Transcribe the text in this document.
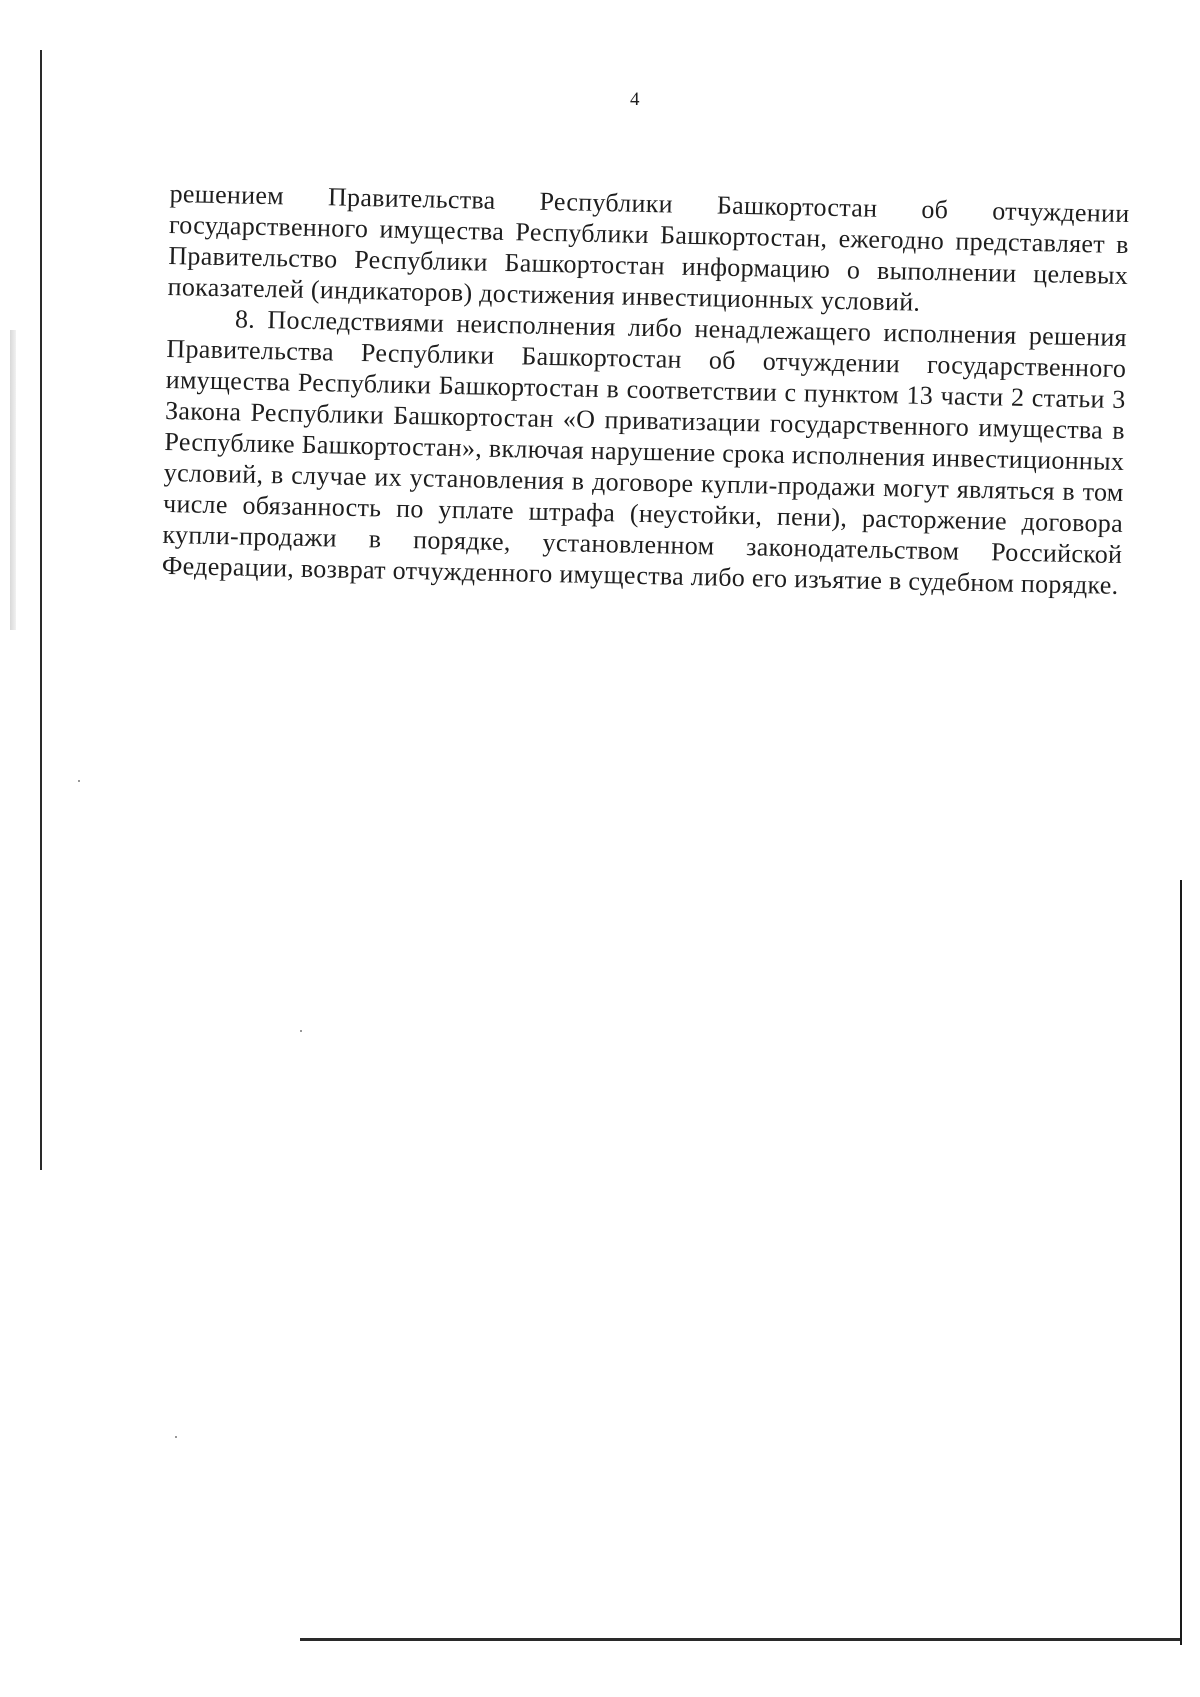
4

решением Правительства Республики Башкортостан об отчуждении государственного имущества Республики Башкортостан, ежегодно представляет в Правительство Республики Башкортостан информацию о выполнении целевых показателей (индикаторов) достижения инвестиционных условий.

8. Последствиями неисполнения либо ненадлежащего исполнения решения Правительства Республики Башкортостан об отчуждении государственного имущества Республики Башкортостан в соответствии с пунктом 13 части 2 статьи 3 Закона Республики Башкортостан «О приватизации государственного имущества в Республике Башкортостан», включая нарушение срока исполнения инвестиционных условий, в случае их установления в договоре купли-продажи могут являться в том числе обязанность по уплате штрафа (неустойки, пени), расторжение договора купли-продажи в порядке, установленном законодательством Российской Федерации, возврат отчужденного имущества либо его изъятие в судебном порядке.
